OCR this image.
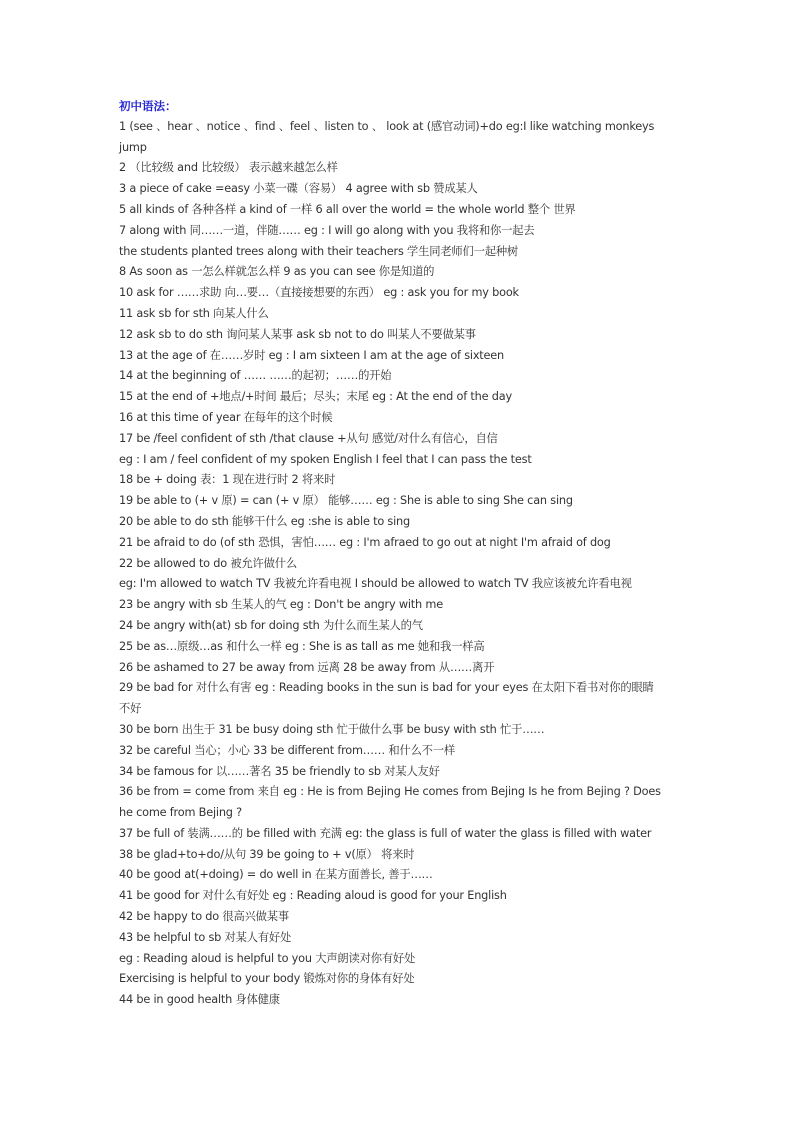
初中语法：

1 (see 、hear 、notice 、find 、feel 、listen to 、 look at (感官动词)+do eg:I like watching monkeys

jump

2 （比较级 and 比较级） 表示越来越怎么样

3 a piece of cake =easy 小菜一碟（容易） 4 agree with sb 赞成某人

5 all kinds of 各种各样 a kind of 一样 6 all over the world = the whole world 整个 世界

7 along with 同……一道，伴随…… eg : I will go along with you 我将和你一起去

the students planted trees along with their teachers 学生同老师们一起种树

8 As soon as 一怎么样就怎么样 9 as you can see 你是知道的

10 ask for ……求助 向…要…（直接接想要的东西） eg : ask you for my book

11 ask sb for sth 向某人什么

12 ask sb to do sth 询问某人某事 ask sb not to do 叫某人不要做某事

13 at the age of 在……岁时 eg : I am sixteen I am at the age of sixteen

14 at the beginning of …… ……的起初；……的开始

15 at the end of +地点/+时间 最后；尽头；末尾 eg : At the end of the day

16 at this time of year 在每年的这个时候

17 be /feel confident of sth /that clause +从句 感觉/对什么有信心，自信

eg : I am / feel confident of my spoken English I feel that I can pass the test

18 be + doing 表：1 现在进行时 2 将来时

19 be able to (+ v 原) = can (+ v 原） 能够…… eg : She is able to sing She can sing

20 be able to do sth 能够干什么 eg :she is able to sing

21 be afraid to do (of sth 恐惧，害怕…… eg : I'm afraed to go out at night I'm afraid of dog

22 be allowed to do 被允许做什么

eg: I'm allowed to watch TV 我被允许看电视 I should be allowed to watch TV 我应该被允许看电视

23 be angry with sb 生某人的气 eg : Don't be angry with me

24 be angry with(at) sb for doing sth 为什么而生某人的气

25 be as…原级…as 和什么一样 eg : She is as tall as me 她和我一样高

26 be ashamed to 27 be away from 远离 28 be away from 从……离开

29 be bad for 对什么有害 eg : Reading books in the sun is bad for your eyes 在太阳下看书对你的眼睛

不好

30 be born 出生于 31 be busy doing sth 忙于做什么事 be busy with sth 忙于……

32 be careful 当心；小心 33 be different from…… 和什么不一样

34 be famous for 以……著名 35 be friendly to sb 对某人友好

36 be from = come from 来自 eg : He is from Bejing He comes from Bejing Is he from Bejing ? Does

he come from Bejing ?

37 be full of 装满……的 be filled with 充满 eg: the glass is full of water the glass is filled with water

38 be glad+to+do/从句 39 be going to + v(原） 将来时

40 be good at(+doing) = do well in 在某方面善长, 善于……

41 be good for 对什么有好处 eg : Reading aloud is good for your English

42 be happy to do 很高兴做某事

43 be helpful to sb 对某人有好处

eg : Reading aloud is helpful to you 大声朗读对你有好处

Exercising is helpful to your body 锻炼对你的身体有好处

44 be in good health 身体健康
